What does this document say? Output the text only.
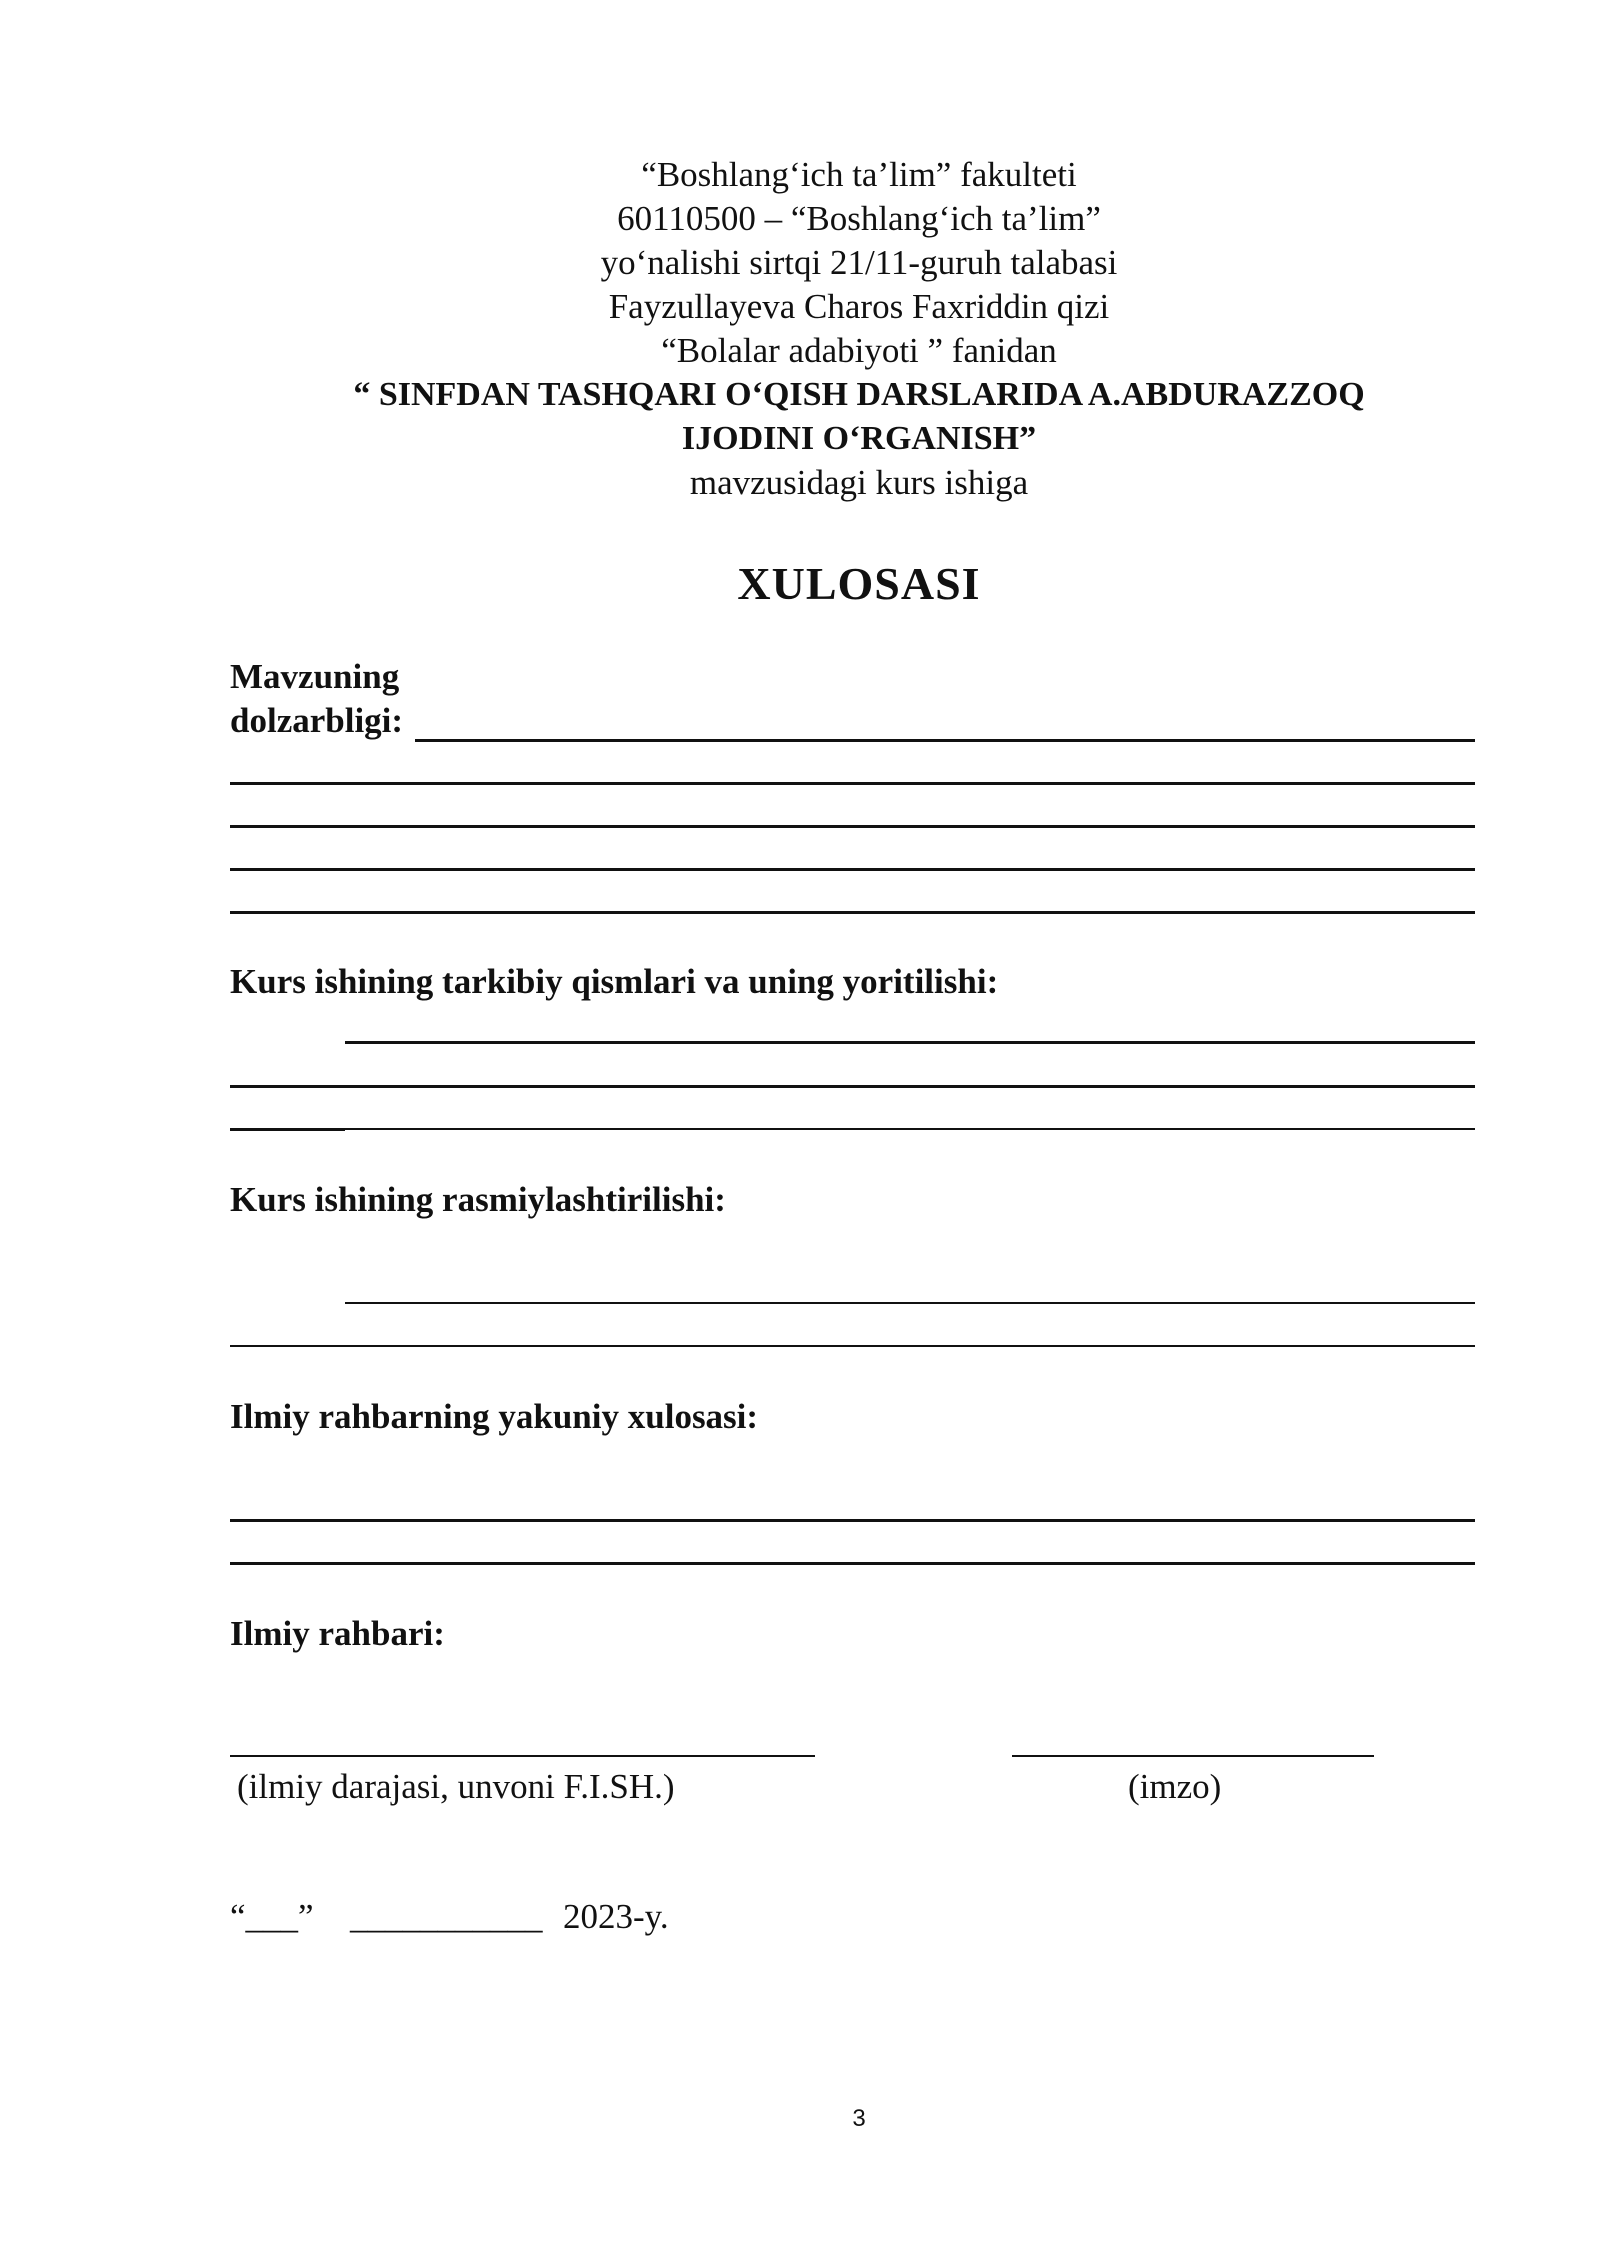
“Boshlang‘ich ta’lim” fakulteti
60110500 – “Boshlang‘ich ta’lim”
yo‘nalishi sirtqi 21/11-guruh talabasi
Fayzullayeva Charos Faxriddin qizi
“Bolalar adabiyoti ” fanidan
“ SINFDAN TASHQARI O‘QISH DARSLARIDA A.ABDURAZZOQ
IJODINI O‘RGANISH”
mavzusidagi kurs ishiga
XULOSASI
Mavzuning
dolzarbligi:
Kurs ishining tarkibiy qismlari va uning yoritilishi:
Kurs ishining rasmiylashtirilishi:
Ilmiy rahbarning yakuniy xulosasi:
Ilmiy rahbari:
(ilmiy darajasi, unvoni F.I.SH.)	(imzo)
“___” ___________ 2023-y.
3
